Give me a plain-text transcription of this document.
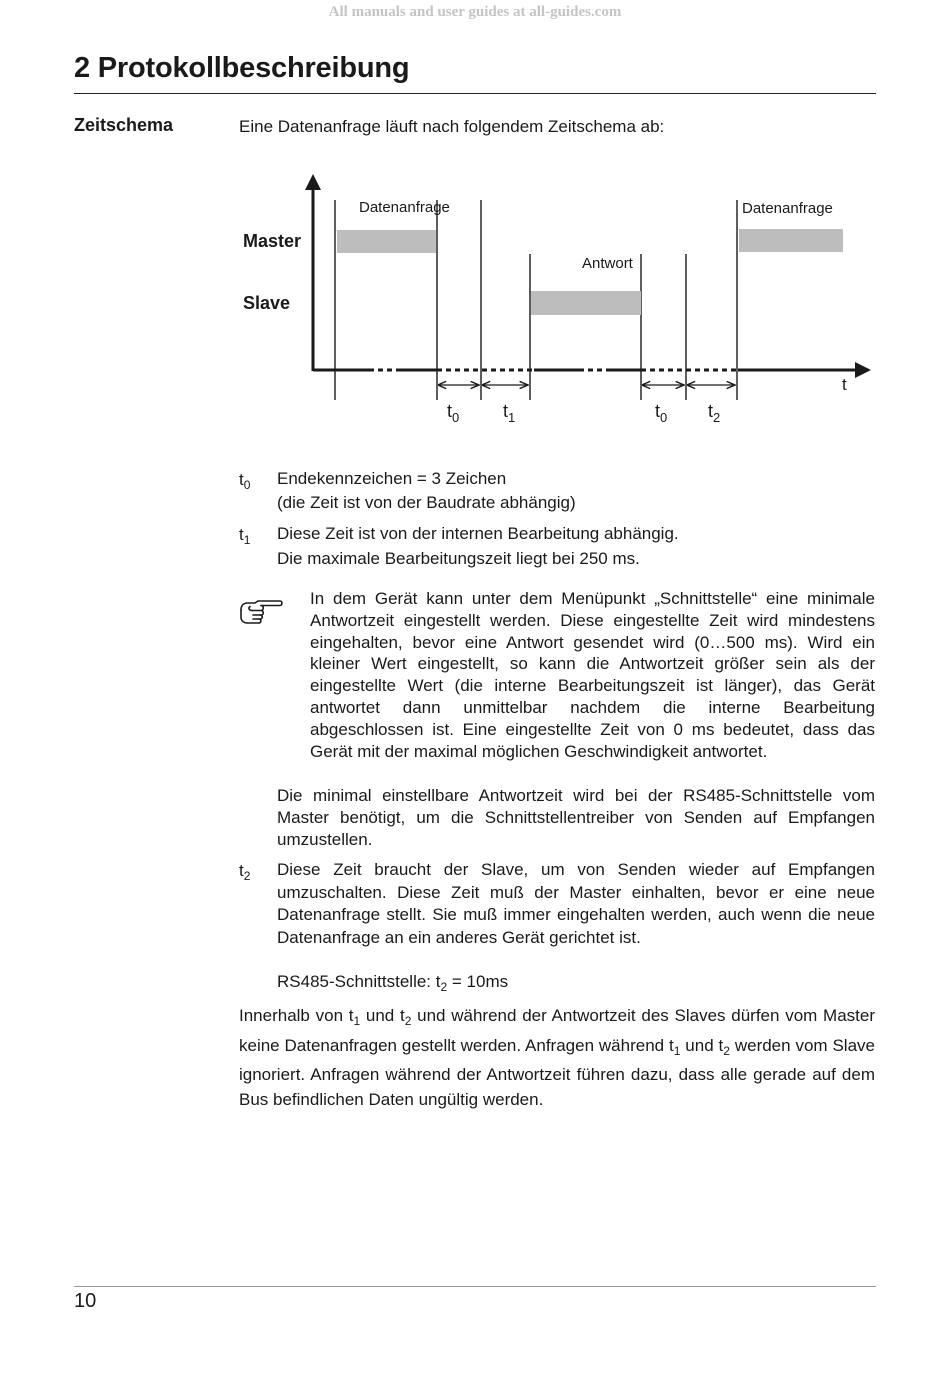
All manuals and user guides at all-guides.com
2 Protokollbeschreibung
Zeitschema	Eine Datenanfrage läuft nach folgendem Zeitschema ab:

t
Master
Slave
Datenanfrage
Antwort
Datenanfrage
$t_0$ $t_1$	$t_0$ $t_2$
$t_0$ Endekennzeichen = 3 Zeichen

(die Zeit ist von der Baudrate abhängig)

$t_1$ Diese Zeit ist von der internen Bearbeitung abhängig.

Die maximale Bearbeitungszeit liegt bei 250 ms.

In dem Gerät kann unter dem Menüpunkt „Schnittstelle“ eine minimale Antwortzeit eingestellt werden. Diese eingestellte Zeit wird mindestens eingehalten, bevor eine Antwort gesendet wird (0…500 ms). Wird ein kleiner Wert eingestellt, so kann die Antwortzeit größer sein als der eingestellte Wert (die interne Bearbeitungszeit ist länger), das Gerät antwortet dann unmittelbar nachdem die interne Bearbeitung abgeschlossen ist. Eine eingestellte Zeit von 0 ms bedeutet, dass das Gerät mit der maximal möglichen Geschwindigkeit antwortet.

Die minimal einstellbare Antwortzeit wird bei der RS485-Schnittstelle vom Master benötigt, um die Schnittstellentreiber von Senden auf Empfangen umzustellen.

$t_2$ Diese Zeit braucht der Slave, um von Senden wieder auf Empfangen umzuschalten. Diese Zeit muß der Master einhalten, bevor er eine neue Datenanfrage stellt. Sie muß immer eingehalten werden, auch wenn die neue Datenanfrage an ein anderes Gerät gerichtet ist.

RS485-Schnittstelle: $t_2 = 10ms$

Innerhalb von $t_1$ und $t_2$ und während der Antwortzeit des Slaves dürfen vom Master keine Datenanfragen gestellt werden. Anfragen während $t_1$ und $t_2$ werden vom Slave ignoriert. Anfragen während der Antwortzeit führen dazu, dass alle gerade auf dem Bus befindlichen Daten ungültig werden.

10
